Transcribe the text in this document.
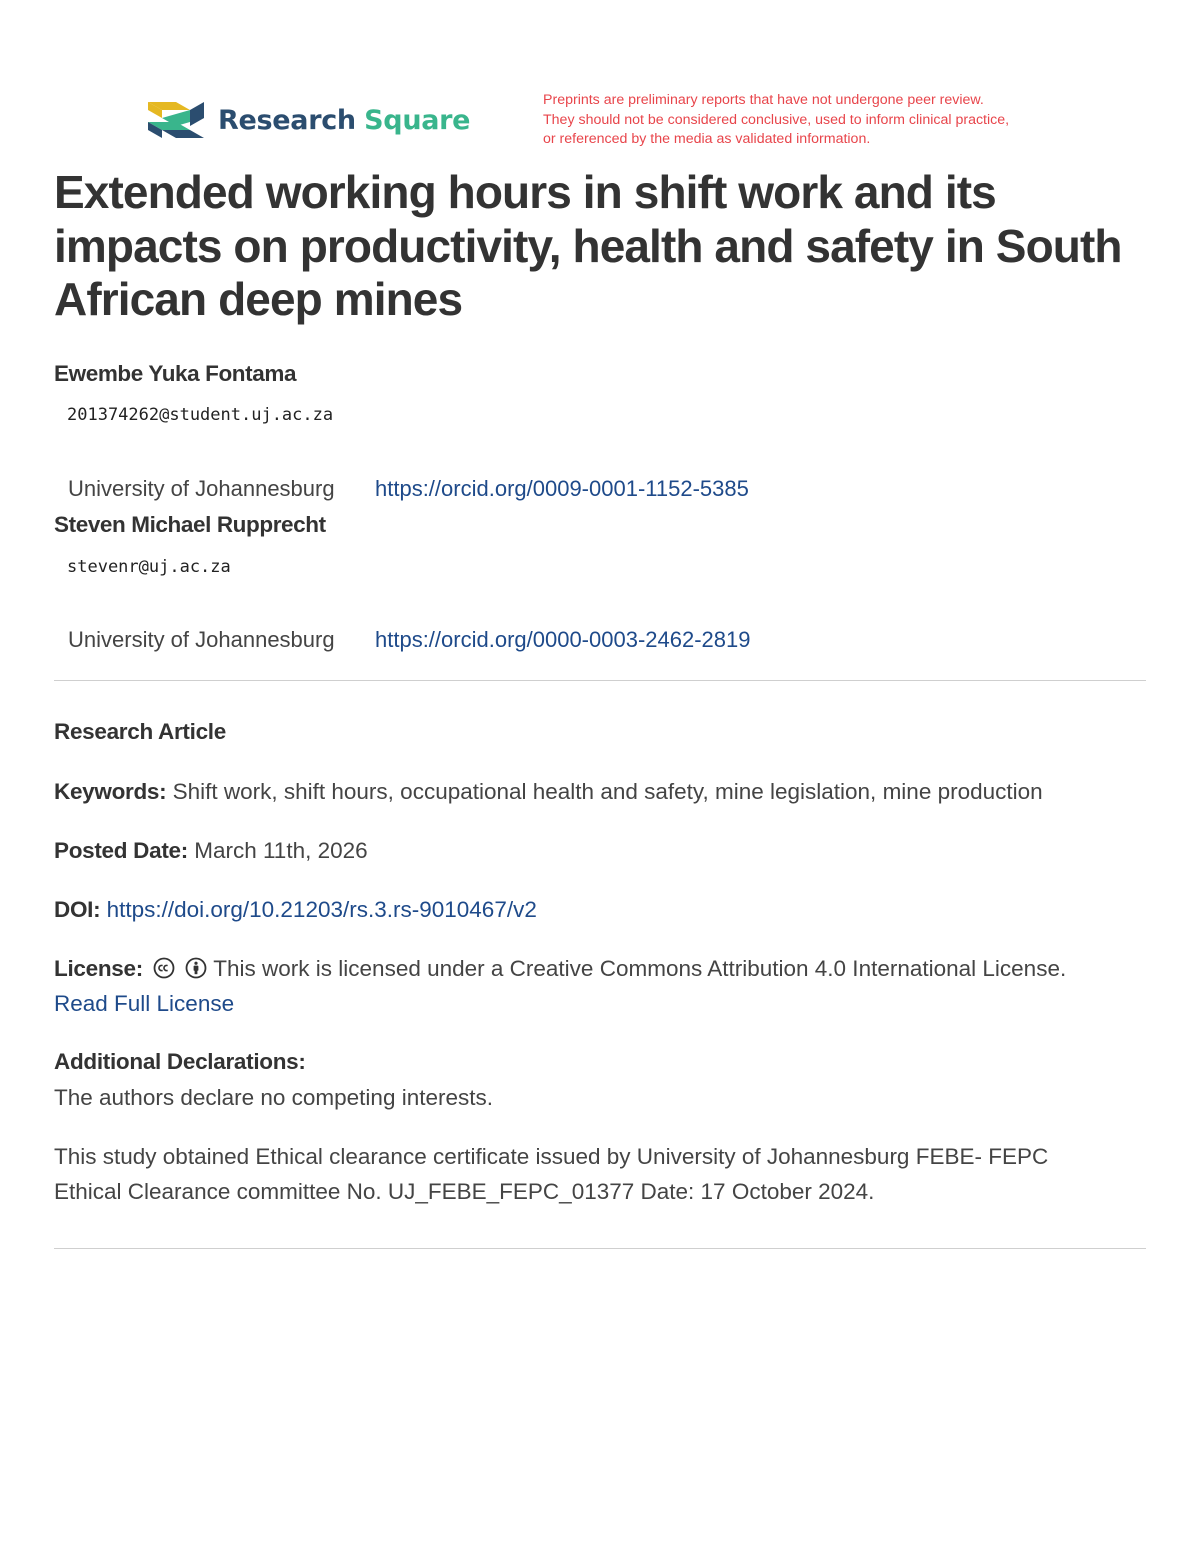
Research Square
Preprints are preliminary reports that have not undergone peer review.
They should not be considered conclusive, used to inform clinical practice,
or referenced by the media as validated information.
Extended working hours in shift work and its
impacts on productivity, health and safety in South
African deep mines
Ewembe Yuka Fontama
201374262@student.uj.ac.za
University of Johannesburg https://orcid.org/0009-0001-1152-5385
Steven Michael Rupprecht
stevenr@uj.ac.za
University of Johannesburg https://orcid.org/0000-0003-2462-2819
Research Article
Keywords: Shift work, shift hours, occupational health and safety, mine legislation, mine production
Posted Date: March 11th, 2026
DOI: https://doi.org/10.21203/rs.3.rs-9010467/v2
License:	This work is licensed under a Creative Commons Attribution 4.0 International License.
Read Full License
Additional Declarations:
The authors declare no competing interests.
This study obtained Ethical clearance certificate issued by University of Johannesburg FEBE- FEPC
Ethical Clearance committee No. UJ_FEBE_FEPC_01377 Date: 17 October 2024.
